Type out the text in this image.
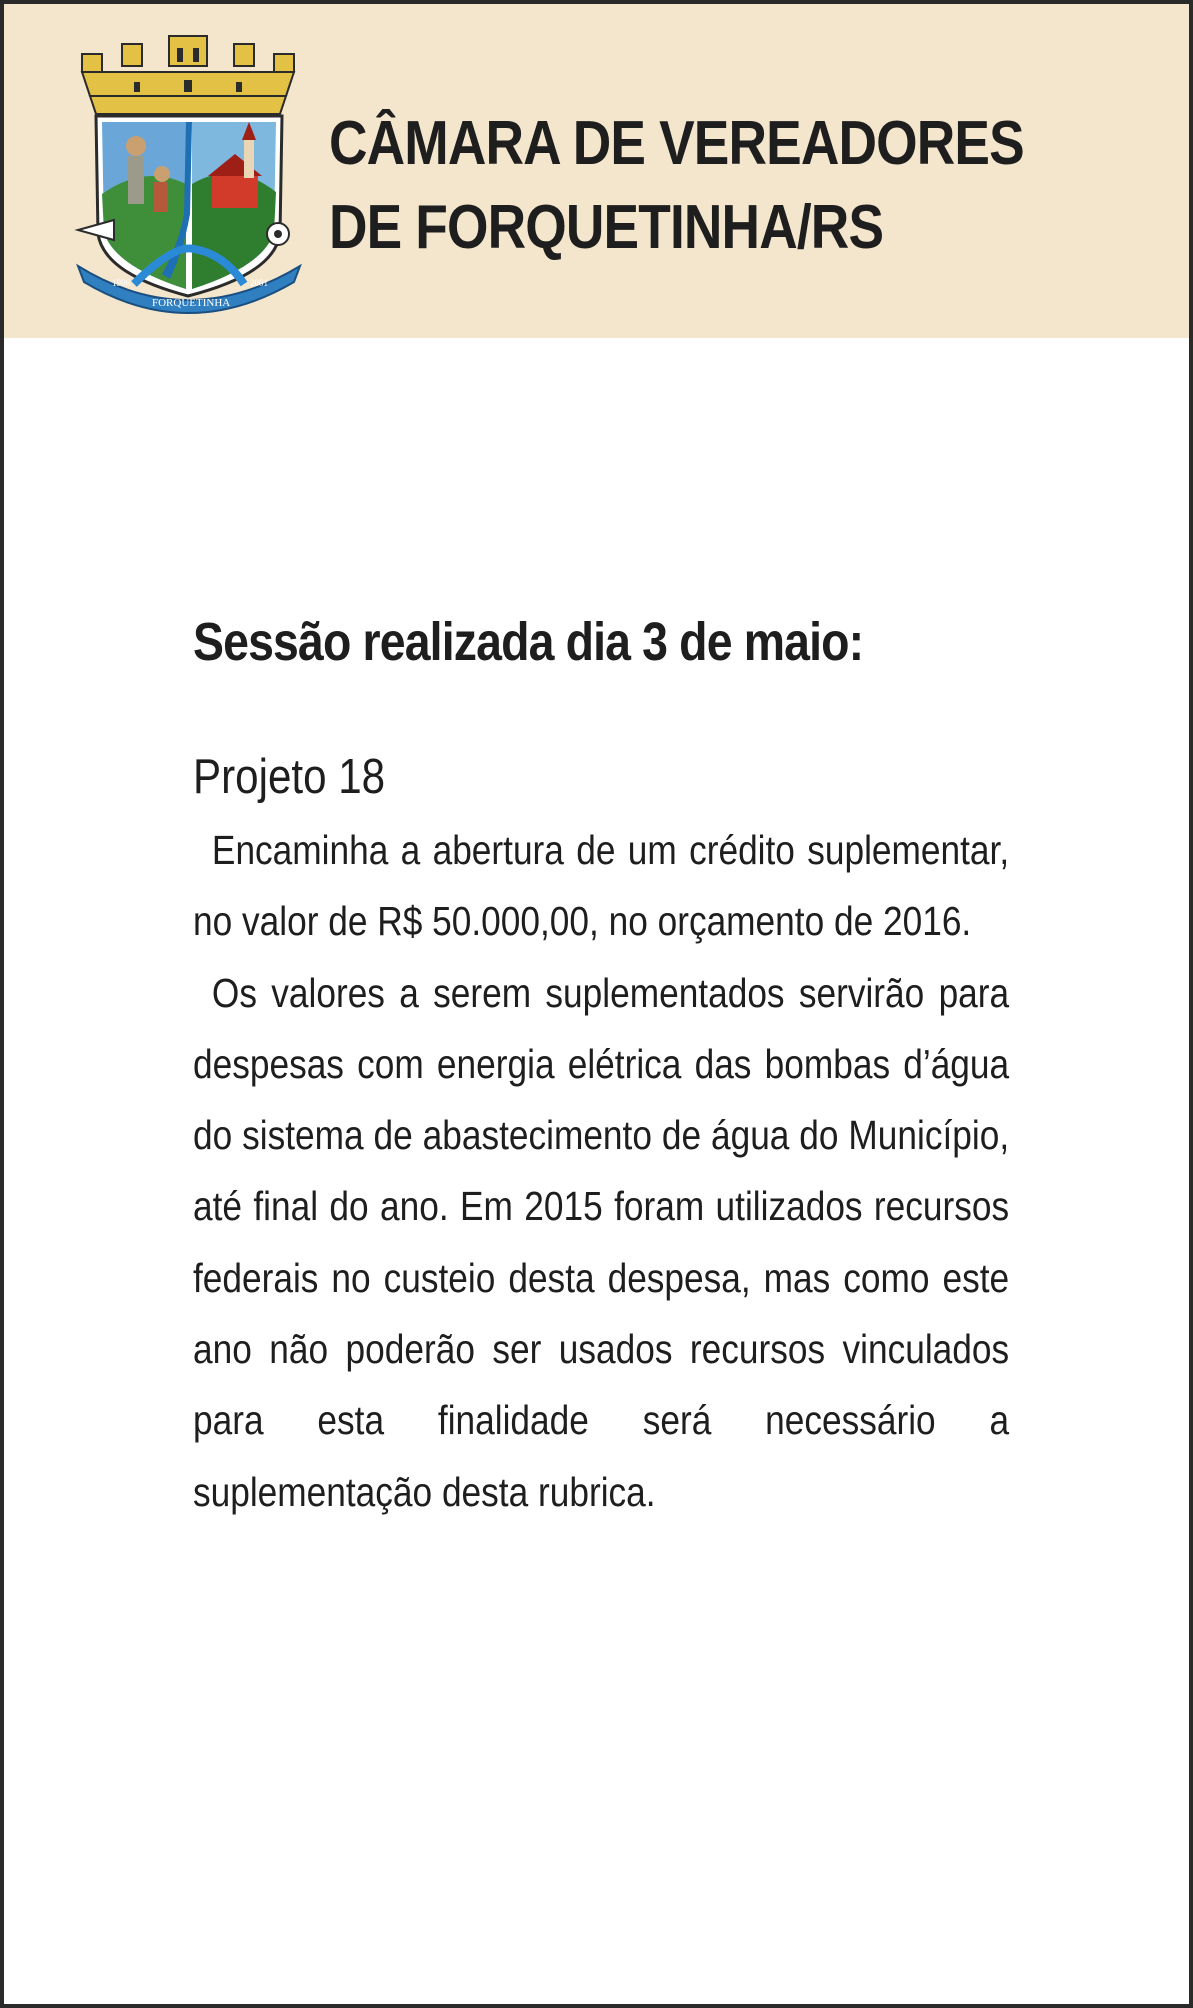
1996	2001
FORQUETINHA
CÂMARA DE VEREADORES
DE FORQUETINHA/RS
Sessão realizada dia 3 de maio:
Projeto 18

Encaminha a abertura de um crédito suplementar, no valor de R$ 50.000,00, no orçamento de 2016.

Os valores a serem suplementados servirão para despesas com energia elétrica das bombas d’água do sistema de abastecimento de água do Município, até final do ano. Em 2015 foram utilizados recursos federais no custeio desta despesa, mas como este ano não poderão ser usados recursos vinculados para esta finalidade será necessário a suplementação desta rubrica.
